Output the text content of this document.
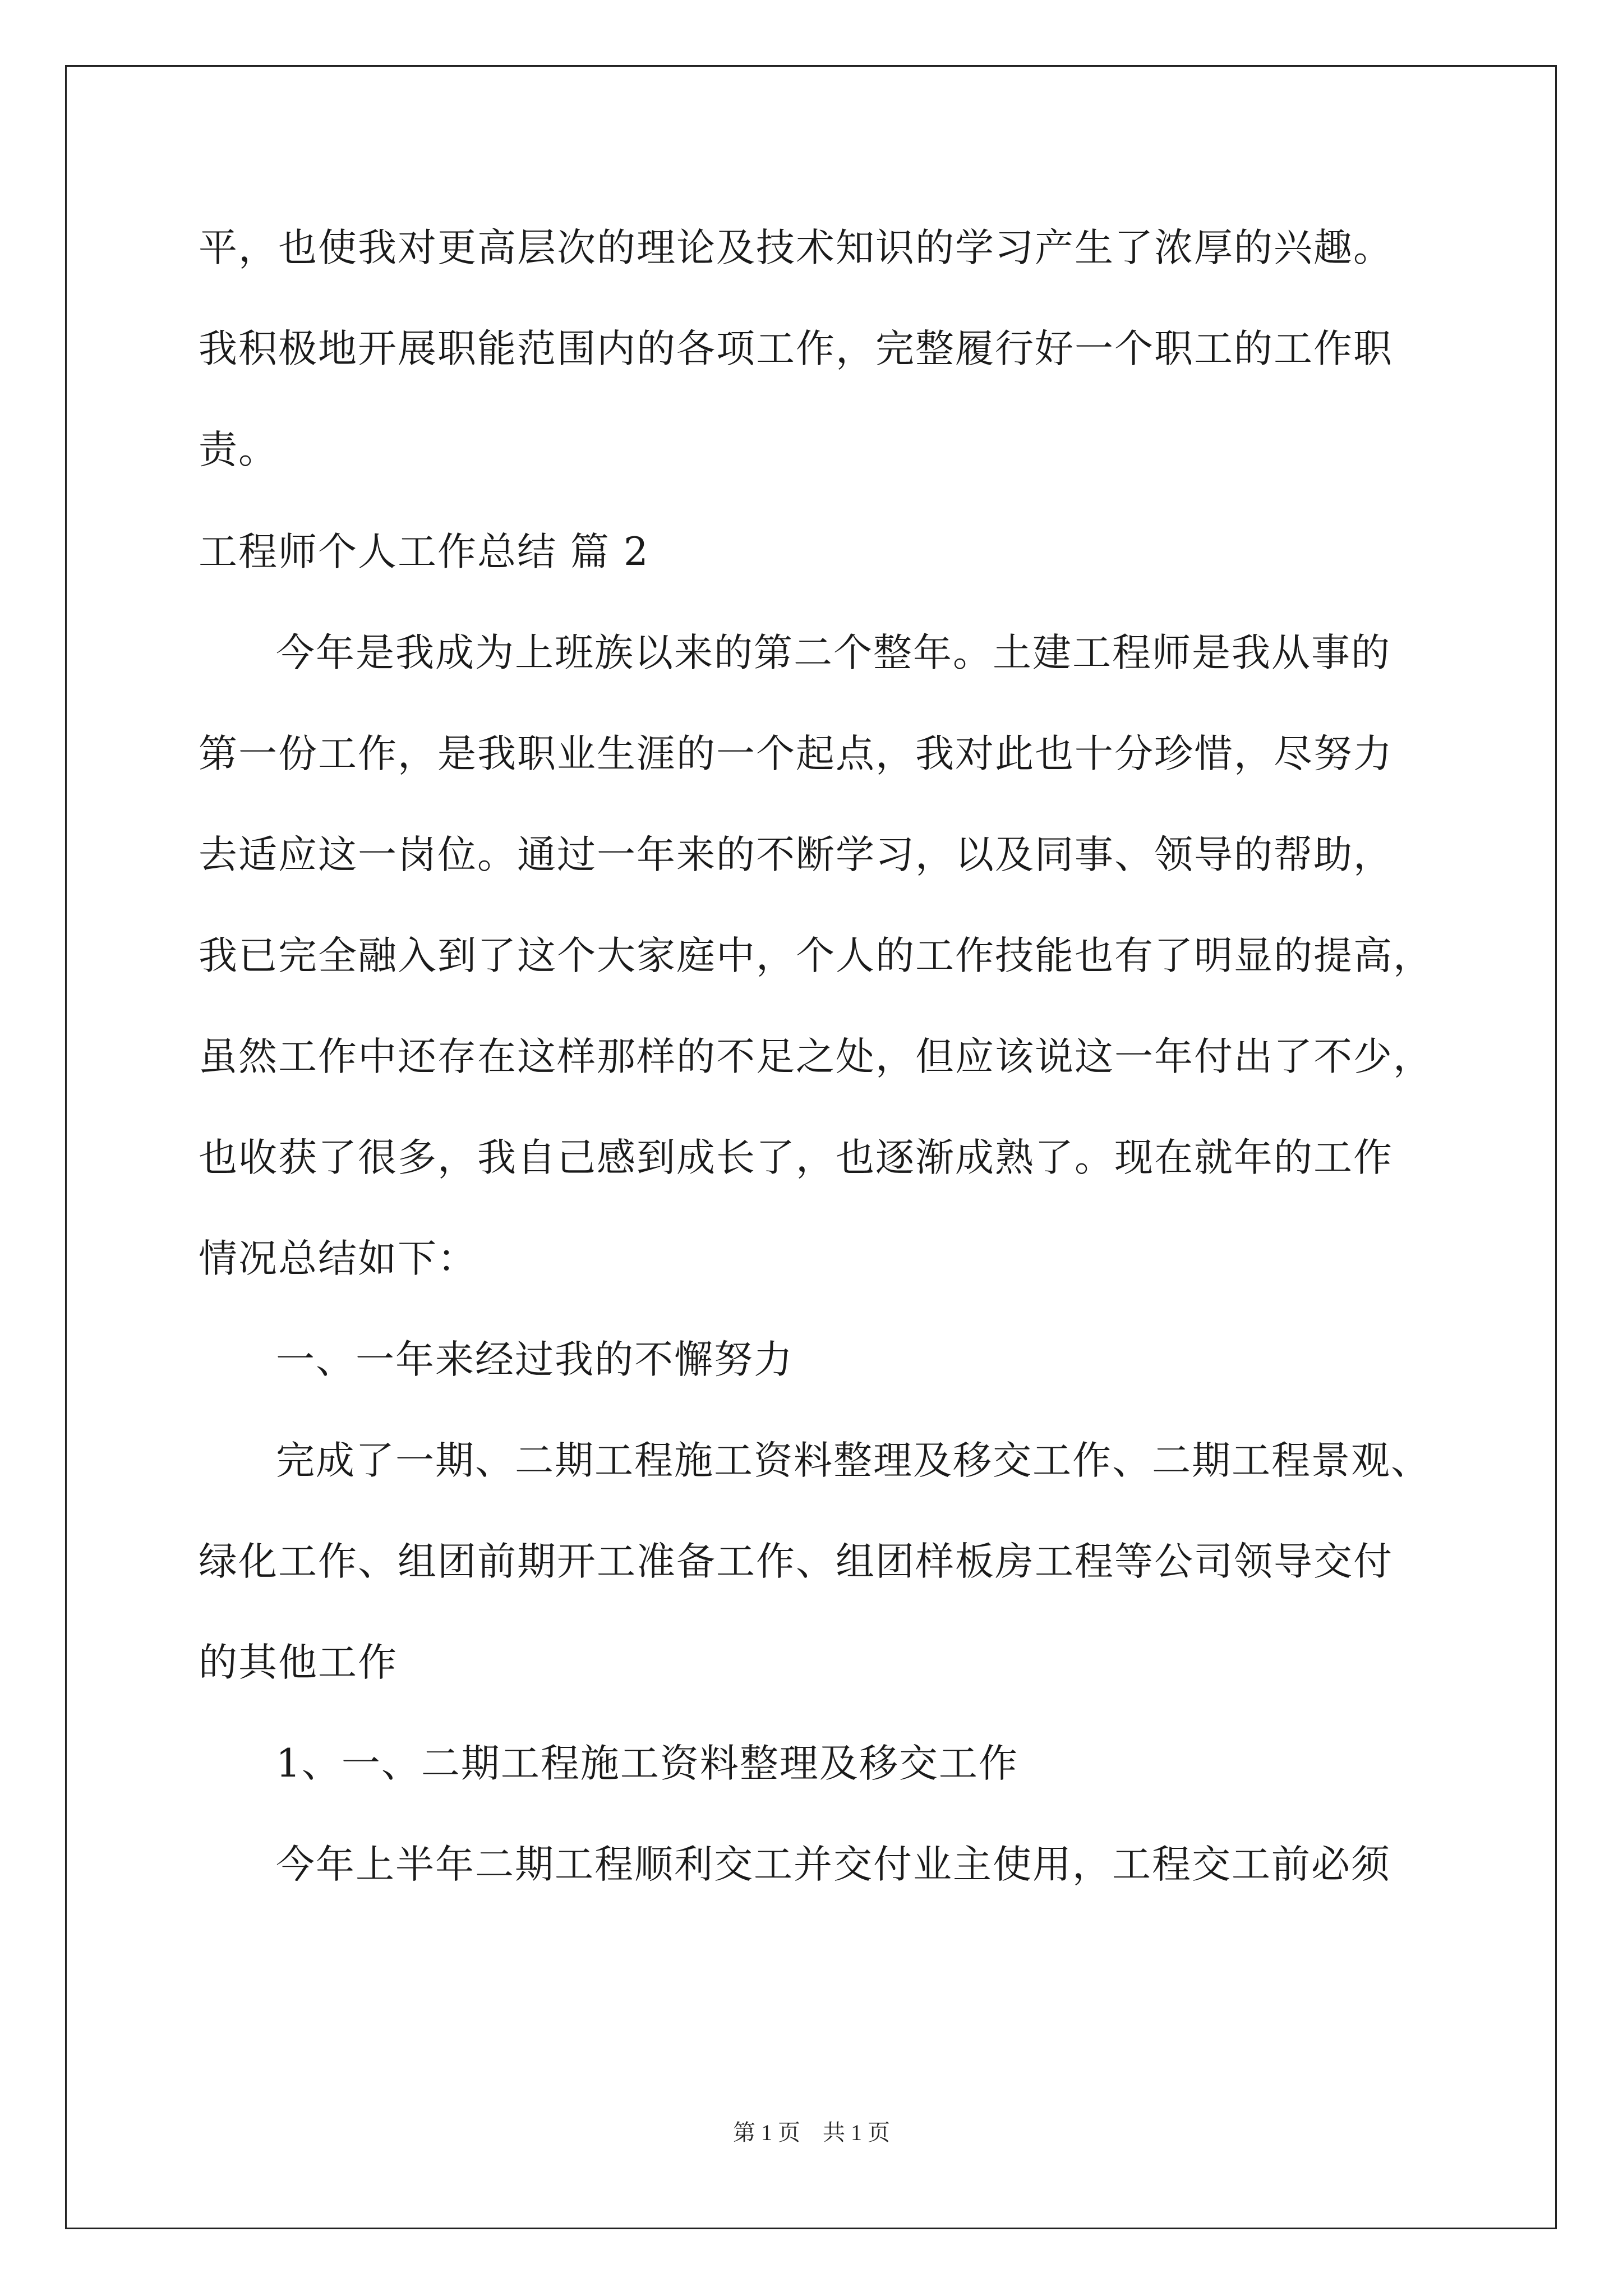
平，也使我对更高层次的理论及技术知识的学习产生了浓厚的兴趣。
我积极地开展职能范围内的各项工作，完整履行好一个职工的工作职
责。
工程师个人工作总结 篇 2
今年是我成为上班族以来的第二个整年。土建工程师是我从事的
第一份工作，是我职业生涯的一个起点，我对此也十分珍惜，尽努力
去适应这一岗位。通过一年来的不断学习，以及同事、领导的帮助，
我已完全融入到了这个大家庭中，个人的工作技能也有了明显的提高，
虽然工作中还存在这样那样的不足之处，但应该说这一年付出了不少，
也收获了很多，我自己感到成长了，也逐渐成熟了。现在就年的工作
情况总结如下：
一、一年来经过我的不懈努力
完成了一期、二期工程施工资料整理及移交工作、二期工程景观、
绿化工作、组团前期开工准备工作、组团样板房工程等公司领导交付
的其他工作
1、一、二期工程施工资料整理及移交工作
今年上半年二期工程顺利交工并交付业主使用，工程交工前必须
第 1 页　共 1 页
